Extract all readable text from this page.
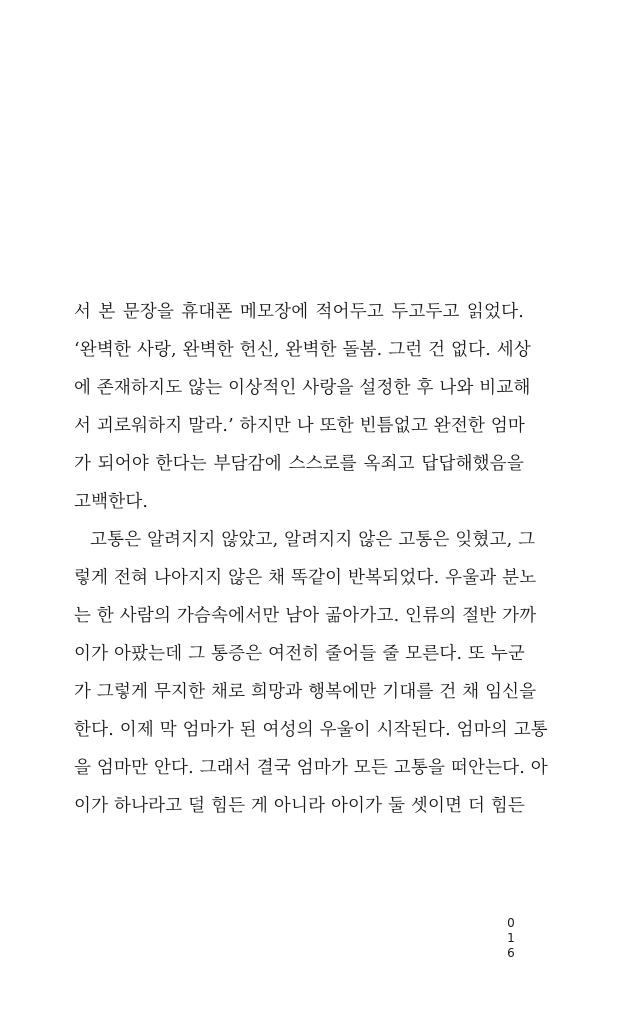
서 본 문장을 휴대폰 메모장에 적어두고 두고두고 읽었다.
‘완벽한 사랑, 완벽한 헌신, 완벽한 돌봄. 그런 건 없다. 세상
에 존재하지도 않는 이상적인 사랑을 설정한 후 나와 비교해
서 괴로워하지 말라.’ 하지만 나 또한 빈틈없고 완전한 엄마
가 되어야 한다는 부담감에 스스로를 옥죄고 답답해했음을
고백한다.
고통은 알려지지 않았고, 알려지지 않은 고통은 잊혔고, 그
렇게 전혀 나아지지 않은 채 똑같이 반복되었다. 우울과 분노
는 한 사람의 가슴속에서만 남아 곪아가고. 인류의 절반 가까
이가 아팠는데 그 통증은 여전히 줄어들 줄 모른다. 또 누군
가 그렇게 무지한 채로 희망과 행복에만 기대를 건 채 임신을
한다. 이제 막 엄마가 된 여성의 우울이 시작된다. 엄마의 고통
을 엄마만 안다. 그래서 결국 엄마가 모든 고통을 떠안는다. 아
이가 하나라고 덜 힘든 게 아니라 아이가 둘 셋이면 더 힘든
0
1
6
